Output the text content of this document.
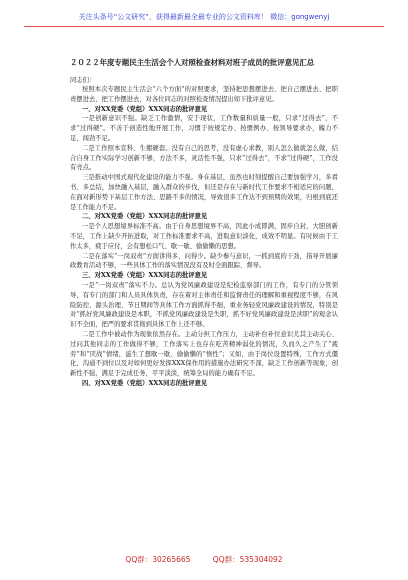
关注头条号“公文研究”，获得最新最全最专业的公文资料库！ 微信：gongwenyj
２０２２年度专题民主生活会个人对照检查材料对班子成员的批评意见汇总
同志们：

按照本次专题民主生活会“六个方面”的对照要求，坚持把思想摆进去、把自己摆进去、把职责摆进去、把工作摆进去，对各位同志的对照检查情况提出如下批评意见。

一、对XX党委（党组）XXX同志的批评意见

一是创新意识不强。缺乏工作激情，安于现状，工作数量和质量一般，只求“过得去”，不求“过得硬”。不善于创造性地开展工作，习惯于按规定办、按惯例办、按领导要求办，魄力不足、闯劲不足。

二是工作照本宣科、生搬硬套。没有自己的思考，没有虚心求教，别人怎么做就怎么做，结合自身工作实际学习创新不够，方法不多，灵活性不强，只求“过得去”，不求“过得硬”，工作没有亮点。

三是推动中国式现代化建设的能力不强。身在基层，虽然也时刻提醒自己要加强学习，多看书、多总结，加快融入基层，融入群众的步伐，但还是存在与新时代工作要求不相适应的问题，在面对新形势下基层工作方法、思路不多的情况，导致很多工作达不到预期的效果，归根到底还是工作能力不足。

二、对XX党委（党组）XXX同志的批评意见

一是个人思想境界标准不高。由于自身思想境界不高，因此小成即满，固步自封，大胆创新不足，工作上缺少开拓进取，对工作标准要求不高，进取意识淡化，成效不明显。有时候由于工作太多，疲于应付，会有想松口气、歇一歇、偷偷懒的思想。

二是在落实“一岗双责”方面讲得多、问得少。缺少参与意识，一抓到底的干劲，指导开展廉政教育活动不够，一些具体工作的落实情况没有及时全面跟踪、督导。

三、对XX党委（党组）XXX同志的批评意见

一是“一岗双责”落实不力。总认为党风廉政建设是纪检监察部门的工作，有专门的分管领导，有专门的部门和人员具体负责，存在着对主体责任和监督责任的理解和重视程度不够，在风险防控、源头治理、节日期间等具体工作方面抓得不细，重业务轻党风廉政建设的情况，特别是对“抓好党风廉政建设是本职，不抓党风廉政建设是失职，抓不好党风廉政建设是渎职”的观念认识不全面，把严的要求贯彻到具体工作上还不够。

二是工作中被动作为现象依然存在。主动分担工作压力，主动补台补位意识尤其主动关心、过问其他同志的工作做得不够，工作落实上也存在吃苦精神弱化的情况，久而久之产生了“疲劳”和“厌战”情绪，滋生了想歇一歇、偷偷懒的“惰性”；又如，由于岗位设置特殊，工作方式僵化，沟通不到位以及对如何更好发挥XXX保作用的措施办法研究不深，缺乏工作创新等现象，创新性不强，满足于完成任务，平平淡淡，统筹全局的能力确有不足。

四、对XX党委（党组）XXX同志的批评意见

QQ群：30265665	QQ群：535304092
